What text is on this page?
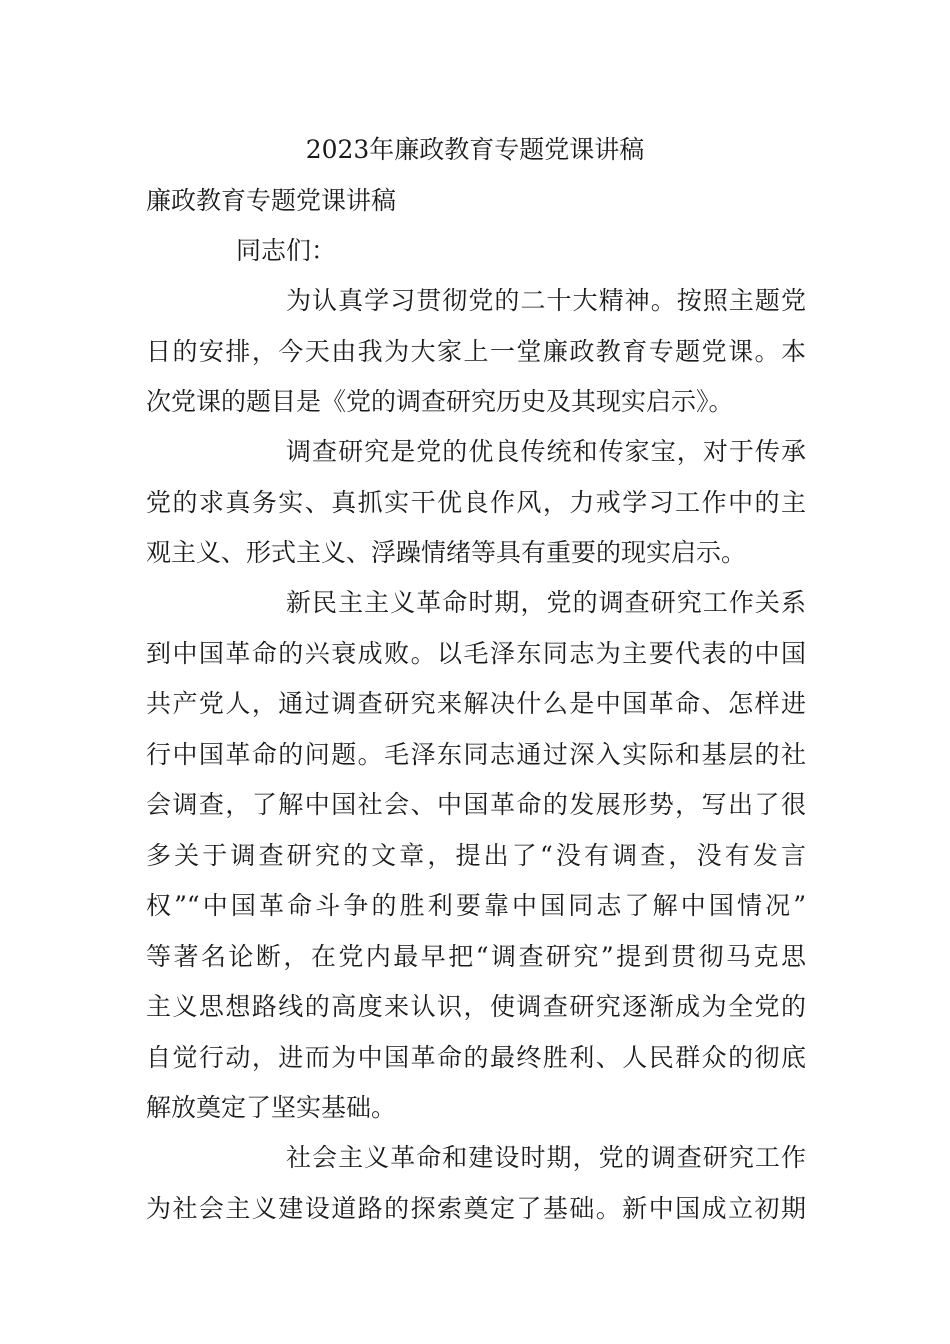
2023年廉政教育专题党课讲稿
廉政教育专题党课讲稿

同志们：

为认真学习贯彻党的二十大精神。按照主题党
日的安排，今天由我为大家上一堂廉政教育专题党课。本
次党课的题目是《党的调查研究历史及其现实启示》。
调查研究是党的优良传统和传家宝，对于传承
党的求真务实、真抓实干优良作风，力戒学习工作中的主
观主义、形式主义、浮躁情绪等具有重要的现实启示。
新民主主义革命时期，党的调查研究工作关系
到中国革命的兴衰成败。以毛泽东同志为主要代表的中国
共产党人，通过调查研究来解决什么是中国革命、怎样进
行中国革命的问题。毛泽东同志通过深入实际和基层的社
会调查，了解中国社会、中国革命的发展形势，写出了很
多关于调查研究的文章，提出了“没有调查，没有发言
权”“中国革命斗争的胜利要靠中国同志了解中国情况”
等著名论断，在党内最早把“调查研究”提到贯彻马克思
主义思想路线的高度来认识，使调查研究逐渐成为全党的
自觉行动，进而为中国革命的最终胜利、人民群众的彻底
解放奠定了坚实基础。
社会主义革命和建设时期，党的调查研究工作
为社会主义建设道路的探索奠定了基础。新中国成立初期
